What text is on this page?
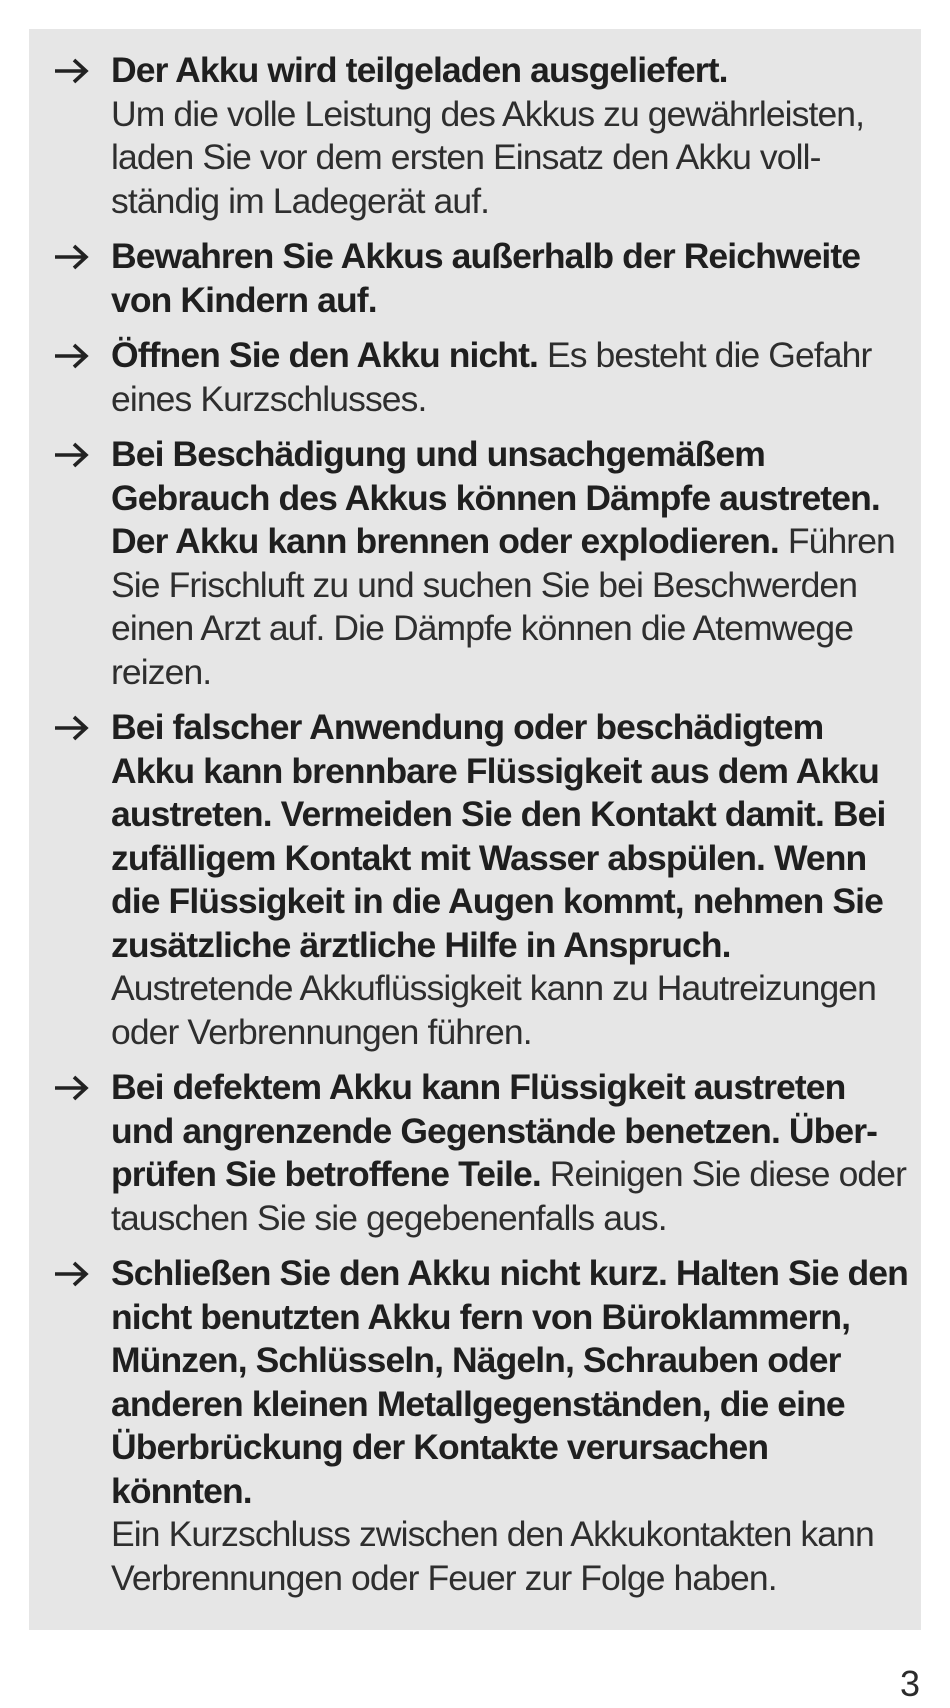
Der Akku wird teilgeladen ausgeliefert.
Um die volle Leistung des Akkus zu gewährleisten, laden Sie vor dem ersten Einsatz den Akku vollständig im Ladegerät auf.
Bewahren Sie Akkus außerhalb der Reichweite von Kindern auf.
Öffnen Sie den Akku nicht. Es besteht die Gefahr eines Kurzschlusses.
Bei Beschädigung und unsachgemäßem Gebrauch des Akkus können Dämpfe austreten. Der Akku kann brennen oder explodieren. Führen Sie Frischluft zu und suchen Sie bei Beschwerden einen Arzt auf. Die Dämpfe können die Atemwege reizen.
Bei falscher Anwendung oder beschädigtem Akku kann brennbare Flüssigkeit aus dem Akku austreten. Vermeiden Sie den Kontakt damit. Bei zufälligem Kontakt mit Wasser abspülen. Wenn die Flüssigkeit in die Augen kommt, nehmen Sie zusätzliche ärztliche Hilfe in Anspruch.
Austretende Akkuflüssigkeit kann zu Hautreizungen oder Verbrennungen führen.
Bei defektem Akku kann Flüssigkeit austreten und angrenzende Gegenstände benetzen. Überprüfen Sie betroffene Teile. Reinigen Sie diese oder tauschen Sie sie gegebenenfalls aus.
Schließen Sie den Akku nicht kurz. Halten Sie den nicht benutzten Akku fern von Büroklammern, Münzen, Schlüsseln, Nägeln, Schrauben oder anderen kleinen Metallgegenständen, die eine Überbrückung der Kontakte verursachen könnten.
Ein Kurzschluss zwischen den Akkukontakten kann Verbrennungen oder Feuer zur Folge haben.
3
